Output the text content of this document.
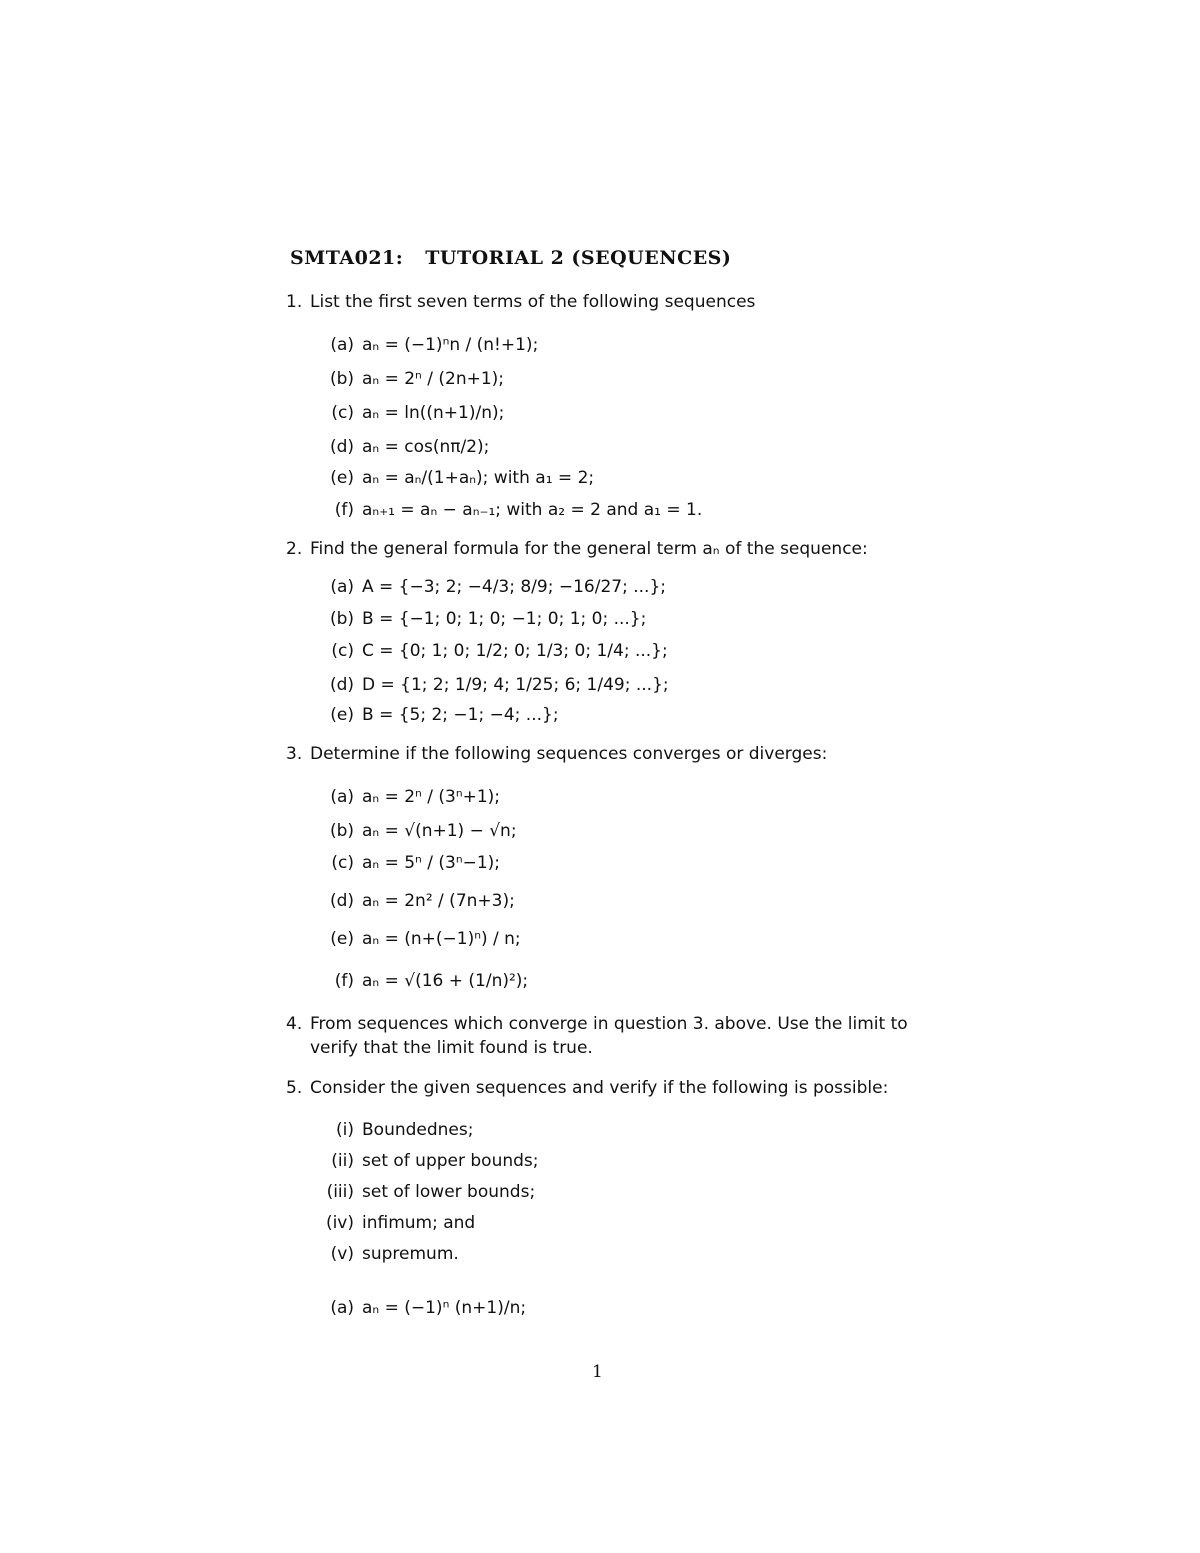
SMTA021: TUTORIAL 2 (SEQUENCES)
1. List the first seven terms of the following sequences
(a) aₙ = (−1)ⁿn / (n!+1);
(b) aₙ = 2ⁿ / (2n+1);
(c) aₙ = ln((n+1)/n);
(d) aₙ = cos(nπ/2);
(e) aₙ = aₙ/(1+aₙ); with a₁ = 2;
(f) aₙ₊₁ = aₙ − aₙ₋₁; with a₂ = 2 and a₁ = 1.
2. Find the general formula for the general term aₙ of the sequence:
(a) A = {−3; 2; −4/3; 8/9; −16/27; ...};
(b) B = {−1; 0; 1; 0; −1; 0; 1; 0; ...};
(c) C = {0; 1; 0; 1/2; 0; 1/3; 0; 1/4; ...};
(d) D = {1; 2; 1/9; 4; 1/25; 6; 1/49; ...};
(e) B = {5; 2; −1; −4; ...};
3. Determine if the following sequences converges or diverges:
(a) aₙ = 2ⁿ / (3ⁿ+1);
(b) aₙ = √(n+1) − √n;
(c) aₙ = 5ⁿ / (3ⁿ−1);
(d) aₙ = 2n² / (7n+3);
(e) aₙ = (n+(−1)ⁿ) / n;
(f) aₙ = √(16 + (1/n)²);
4. From sequences which converge in question 3. above. Use the limit to verify that the limit found is true.
5. Consider the given sequences and verify if the following is possible:
(i) Boundednes;
(ii) set of upper bounds;
(iii) set of lower bounds;
(iv) infimum; and
(v) supremum.
(a) aₙ = (−1)ⁿ (n+1)/n;
1
